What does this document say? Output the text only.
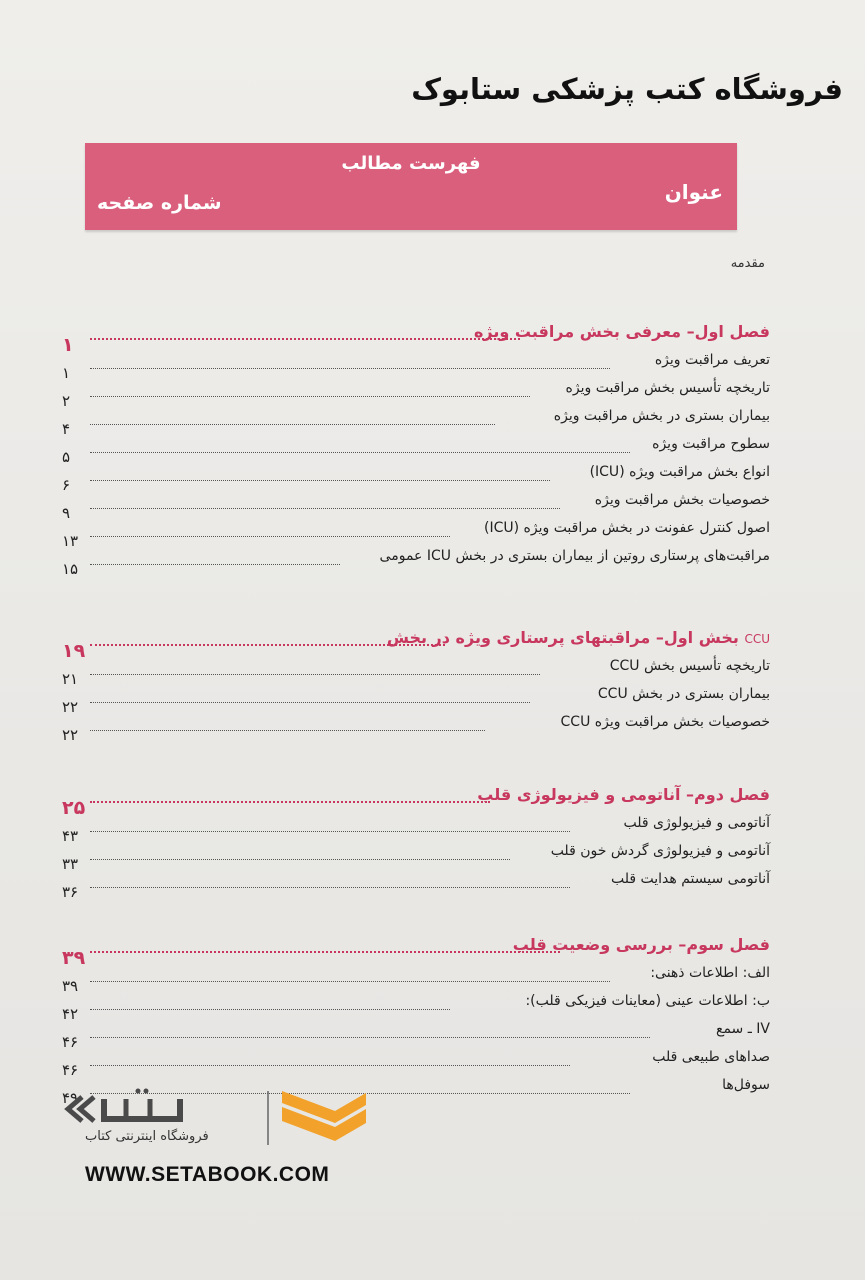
فروشگاه کتب پزشکی ستابوک
فهرست مطالب
عنوان
شماره صفحه
مقدمه
فصل اول– معرفی بخش مراقبت ویژه
۱
تعریف مراقبت ویژه
۱
تاریخچه تأسیس بخش مراقبت ویژه
۲
بیماران بستری در بخش مراقبت ویژه
۴
سطوح مراقبت ویژه
۵
انواع بخش مراقبت ویژه (ICU)
۶
خصوصیات بخش مراقبت ویژه
۹
اصول کنترل عفونت در بخش مراقبت ویژه (ICU)
۱۳
مراقبت‌های پرستاری روتین از بیماران بستری در بخش ICU عمومی
۱۵
CCU بخش اول– مراقبتهای پرستاری ویژه در بخش
۱۹
تاریخچه تأسیس بخش CCU
۲۱
بیماران بستری در بخش CCU
۲۲
خصوصیات بخش مراقبت ویژه CCU
۲۲
فصل دوم– آناتومی و فیزیولوژی قلب
۲۵
آناتومی و فیزیولوژی قلب
۴۳
آناتومی و فیزیولوژی گردش خون قلب
۳۳
آناتومی سیستم هدایت قلب
۳۶
فصل سوم– بررسی وضعیت قلب
۳۹
الف: اطلاعات ذهنی:
۳۹
ب: اطلاعات عینی (معاینات فیزیکی قلب):
۴۲
IV ـ سمع
۴۶
صداهای طبیعی قلب
۴۶
سوفل‌ها
۴۹
فروشگاه اینترنتی کتاب
WWW.SETABOOK.COM
